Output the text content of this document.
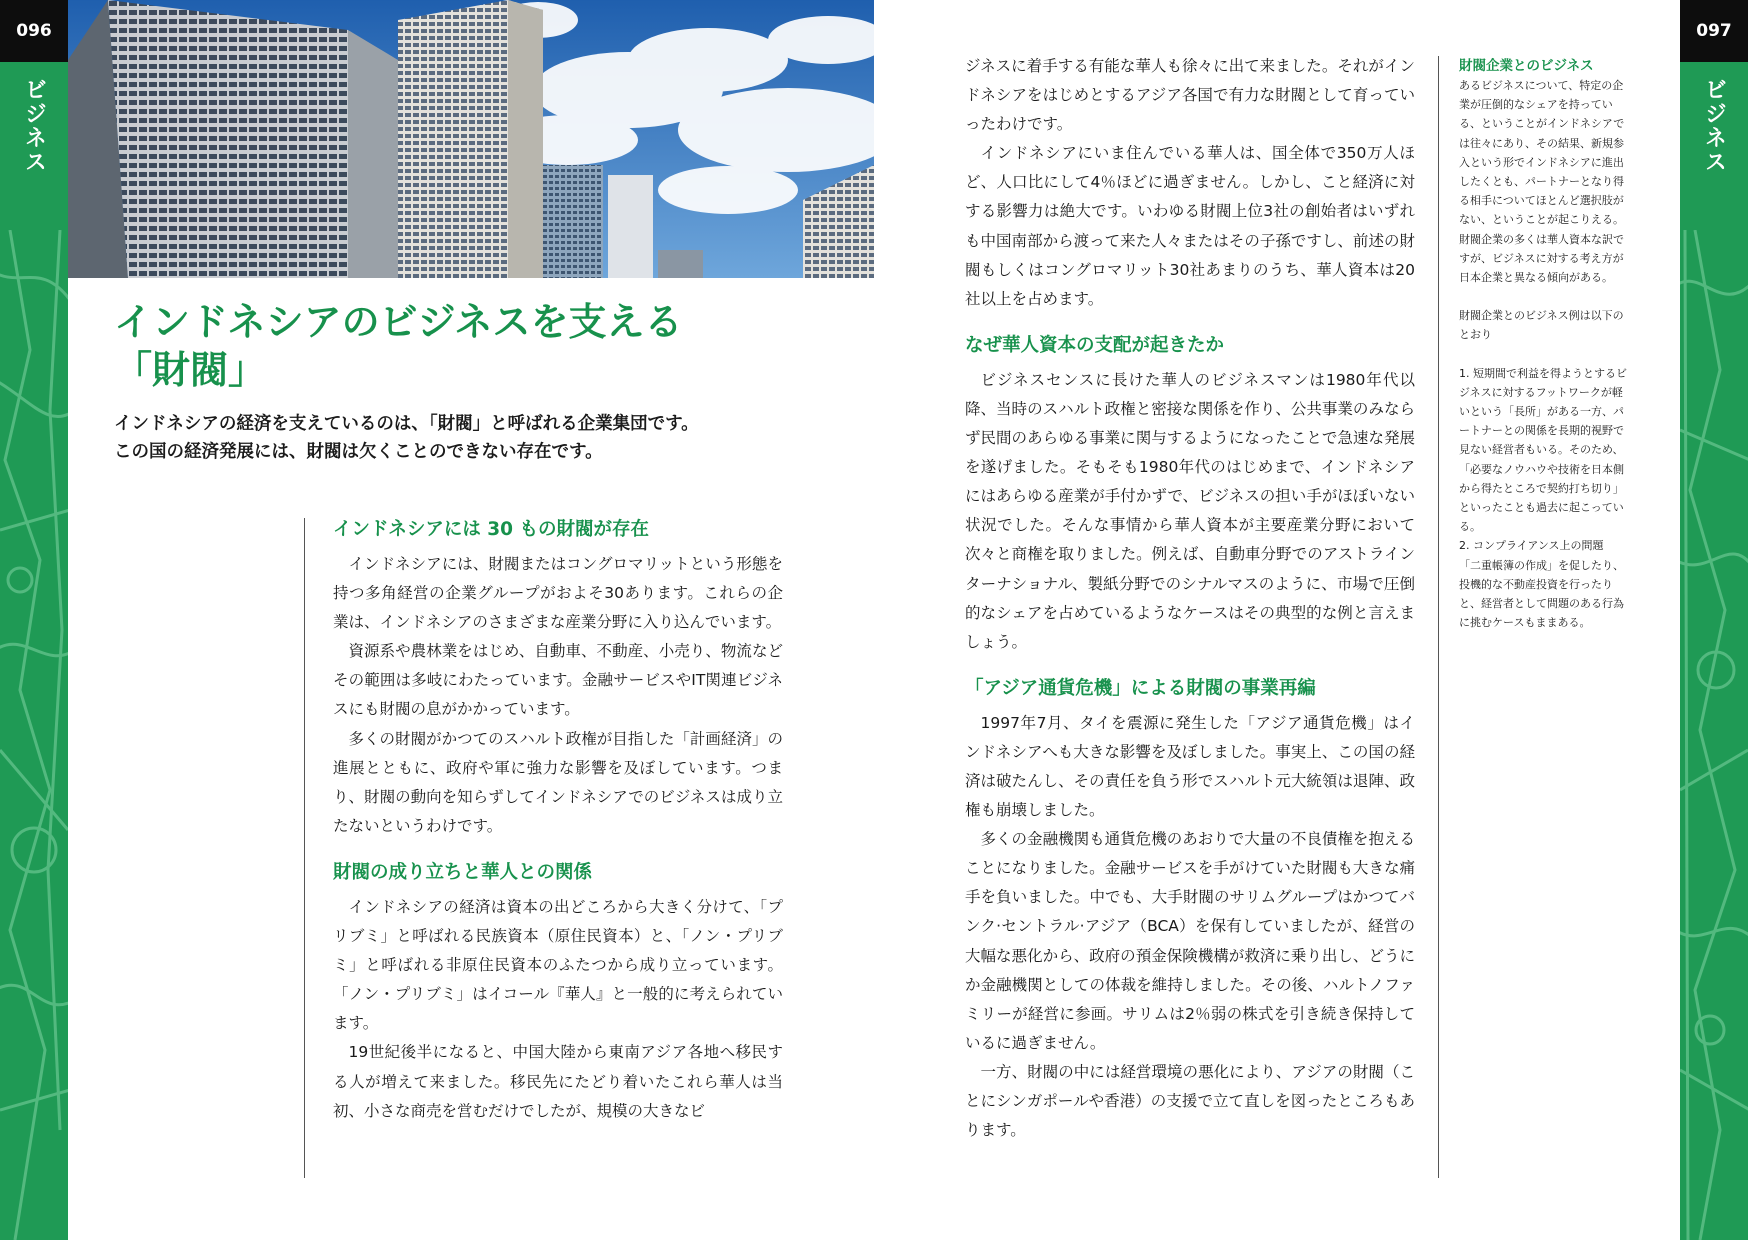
096
ビジネス
097
ビジネス
インドネシアのビジネスを支える
「財閥」

インドネシアの経済を支えているのは、「財閥」と呼ばれる企業集団です。

この国の経済発展には、財閥は欠くことのできない存在です。

インドネシアには 30 もの財閥が存在

インドネシアには、財閥またはコングロマリットという形態を持つ多角経営の企業グループがおよそ30あります。これらの企業は、インドネシアのさまざまな産業分野に入り込んでいます。

資源系や農林業をはじめ、自動車、不動産、小売り、物流などその範囲は多岐にわたっています。金融サービスやIT関連ビジネスにも財閥の息がかかっています。

多くの財閥がかつてのスハルト政権が目指した「計画経済」の進展とともに、政府や軍に強力な影響を及ぼしています。つまり、財閥の動向を知らずしてインドネシアでのビジネスは成り立たないというわけです。

財閥の成り立ちと華人との関係

インドネシアの経済は資本の出どころから大きく分けて、「プリブミ」と呼ばれる民族資本（原住民資本）と、「ノン・プリブミ」と呼ばれる非原住民資本のふたつから成り立っています。「ノン・プリブミ」はイコール『華人』と一般的に考えられています。

19世紀後半になると、中国大陸から東南アジア各地へ移民する人が増えて来ました。移民先にたどり着いたこれら華人は当初、小さな商売を営むだけでしたが、規模の大きなビ

ジネスに着手する有能な華人も徐々に出て来ました。それがインドネシアをはじめとするアジア各国で有力な財閥として育っていったわけです。

インドネシアにいま住んでいる華人は、国全体で350万人ほど、人口比にして4％ほどに過ぎません。しかし、こと経済に対する影響力は絶大です。いわゆる財閥上位3社の創始者はいずれも中国南部から渡って来た人々またはその子孫ですし、前述の財閥もしくはコングロマリット30社あまりのうち、華人資本は20社以上を占めます。

なぜ華人資本の支配が起きたか

ビジネスセンスに長けた華人のビジネスマンは1980年代以降、当時のスハルト政権と密接な関係を作り、公共事業のみならず民間のあらゆる事業に関与するようになったことで急速な発展を遂げました。そもそも1980年代のはじめまで、インドネシアにはあらゆる産業が手付かずで、ビジネスの担い手がほぼいない状況でした。そんな事情から華人資本が主要産業分野において次々と商権を取りました。例えば、自動車分野でのアストラインターナショナル、製紙分野でのシナルマスのように、市場で圧倒的なシェアを占めているようなケースはその典型的な例と言えましょう。

「アジア通貨危機」による財閥の事業再編

1997年7月、タイを震源に発生した「アジア通貨危機」はインドネシアへも大きな影響を及ぼしました。事実上、この国の経済は破たんし、その責任を負う形でスハルト元大統領は退陣、政権も崩壊しました。

多くの金融機関も通貨危機のあおりで大量の不良債権を抱えることになりました。金融サービスを手がけていた財閥も大きな痛手を負いました。中でも、大手財閥のサリムグループはかつてバンク·セントラル·アジア（BCA）を保有していましたが、経営の大幅な悪化から、政府の預金保険機構が救済に乗り出し、どうにか金融機関としての体裁を維持しました。その後、ハルトノファミリーが経営に参画。サリムは2％弱の株式を引き続き保持しているに過ぎません。

一方、財閥の中には経営環境の悪化により、アジアの財閥（ことにシンガポールや香港）の支援で立て直しを図ったところもあります。

財閥企業とのビジネス

あるビジネスについて、特定の企業が圧倒的なシェアを持っている、ということがインドネシアでは往々にあり、その結果、新規参入という形でインドネシアに進出したくとも、パートナーとなり得る相手についてほとんど選択肢がない、ということが起こりえる。

財閥企業の多くは華人資本な訳ですが、ビジネスに対する考え方が日本企業と異なる傾向がある。

財閥企業とのビジネス例は以下のとおり

1. 短期間で利益を得ようとするビジネスに対するフットワークが軽いという「長所」がある一方、パートナーとの関係を長期的視野で見ない経営者もいる。そのため、「必要なノウハウや技術を日本側から得たところで契約打ち切り」といったことも過去に起こっている。

2. コンプライアンス上の問題

「二重帳簿の作成」を促したり、投機的な不動産投資を行ったりと、経営者として問題のある行為に挑むケースもままある。
